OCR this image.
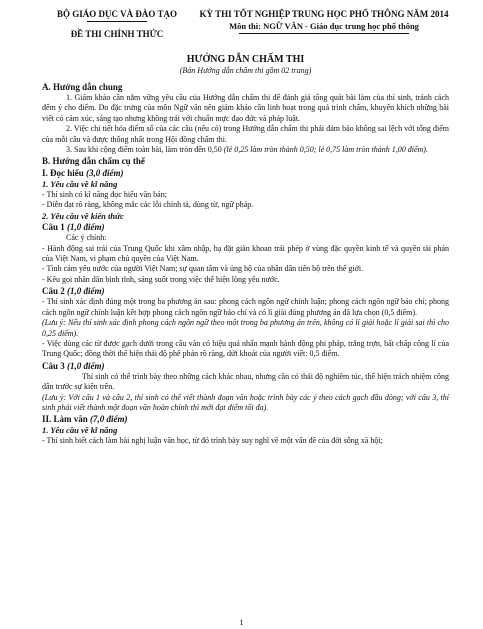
BỘ GIÁO DỤC VÀ ĐÀO TẠO
ĐỀ THI CHÍNH THỨC
KỲ THI TỐT NGHIỆP TRUNG HỌC PHỔ THÔNG NĂM 2014
Môn thi: NGỮ VĂN - Giáo dục trung học phổ thông
HƯỚNG DẪN CHẤM THI
(Bản Hướng dẫn chấm thi gồm 02 trang)
A. Hướng dẫn chung

1. Giám khảo cần nắm vững yêu cầu của Hướng dẫn chấm thi để đánh giá tổng quát bài làm của thí sinh, tránh cách đếm ý cho điểm. Do đặc trưng của môn Ngữ văn nên giám khảo cần linh hoạt trong quá trình chấm, khuyến khích những bài viết có cảm xúc, sáng tạo nhưng không trái với chuẩn mực đạo đức và pháp luật.

2. Việc chi tiết hóa điểm số của các câu (nếu có) trong Hướng dẫn chấm thi phải đảm bảo không sai lệch với tổng điểm của mỗi câu và được thống nhất trong Hội đồng chấm thi.

3. Sau khi cộng điểm toàn bài, làm tròn đến 0,50 (lẻ 0,25 làm tròn thành 0,50; lẻ 0,75 làm tròn thành 1,00 điểm).

B. Hướng dẫn chấm cụ thể
I. Đọc hiểu (3,0 điểm)
1. Yêu cầu về kĩ năng

- Thí sinh có kĩ năng đọc hiểu văn bản;

- Diễn đạt rõ ràng, không mắc các lỗi chính tả, dùng từ, ngữ pháp.

2. Yêu cầu về kiến thức
Câu 1 (1,0 điểm)

Các ý chính:

- Hành động sai trái của Trung Quốc khi xâm nhập, hạ đặt giàn khoan trái phép ở vùng đặc quyền kinh tế và quyền tài phán của Việt Nam, vi phạm chủ quyền của Việt Nam.

- Tình cảm yêu nước của người Việt Nam; sự quan tâm và ủng hộ của nhân dân tiến bộ trên thế giới.

- Kêu gọi nhân dân bình tĩnh, sáng suốt trong việc thể hiện lòng yêu nước.

Câu 2 (1,0 điểm)

- Thí sinh xác định đúng một trong ba phương án sau: phong cách ngôn ngữ chính luận; phong cách ngôn ngữ báo chí; phong cách ngôn ngữ chính luận kết hợp phong cách ngôn ngữ báo chí và có lí giải đúng phương án đã lựa chọn (0,5 điểm).

(Lưu ý: Nếu thí sinh xác định phong cách ngôn ngữ theo một trong ba phương án trên, không có lí giải hoặc lí giải sai thì cho 0,25 điểm).

- Việc dùng các từ được gạch dưới trong câu văn có hiệu quả nhấn mạnh hành động phi pháp, trắng trợn, bất chấp công lí của Trung Quốc; đồng thời thể hiện thái độ phê phán rõ ràng, dứt khoát của người viết: 0,5 điểm.

Câu 3 (1,0 điểm)

Thí sinh có thể trình bày theo những cách khác nhau, nhưng cần có thái độ nghiêm túc, thể hiện trách nhiệm công dân trước sự kiện trên.

(Lưu ý: Với câu 1 và câu 2, thí sinh có thể viết thành đoạn văn hoặc trình bày các ý theo cách gạch đầu dòng; với câu 3, thí sinh phải viết thành một đoạn văn hoàn chỉnh thì mới đạt điểm tối đa).

II. Làm văn (7,0 điểm)
1. Yêu cầu về kĩ năng

- Thí sinh biết cách làm bài nghị luận văn học, từ đó trình bày suy nghĩ về một vấn đề của đời sống xã hội;

1
